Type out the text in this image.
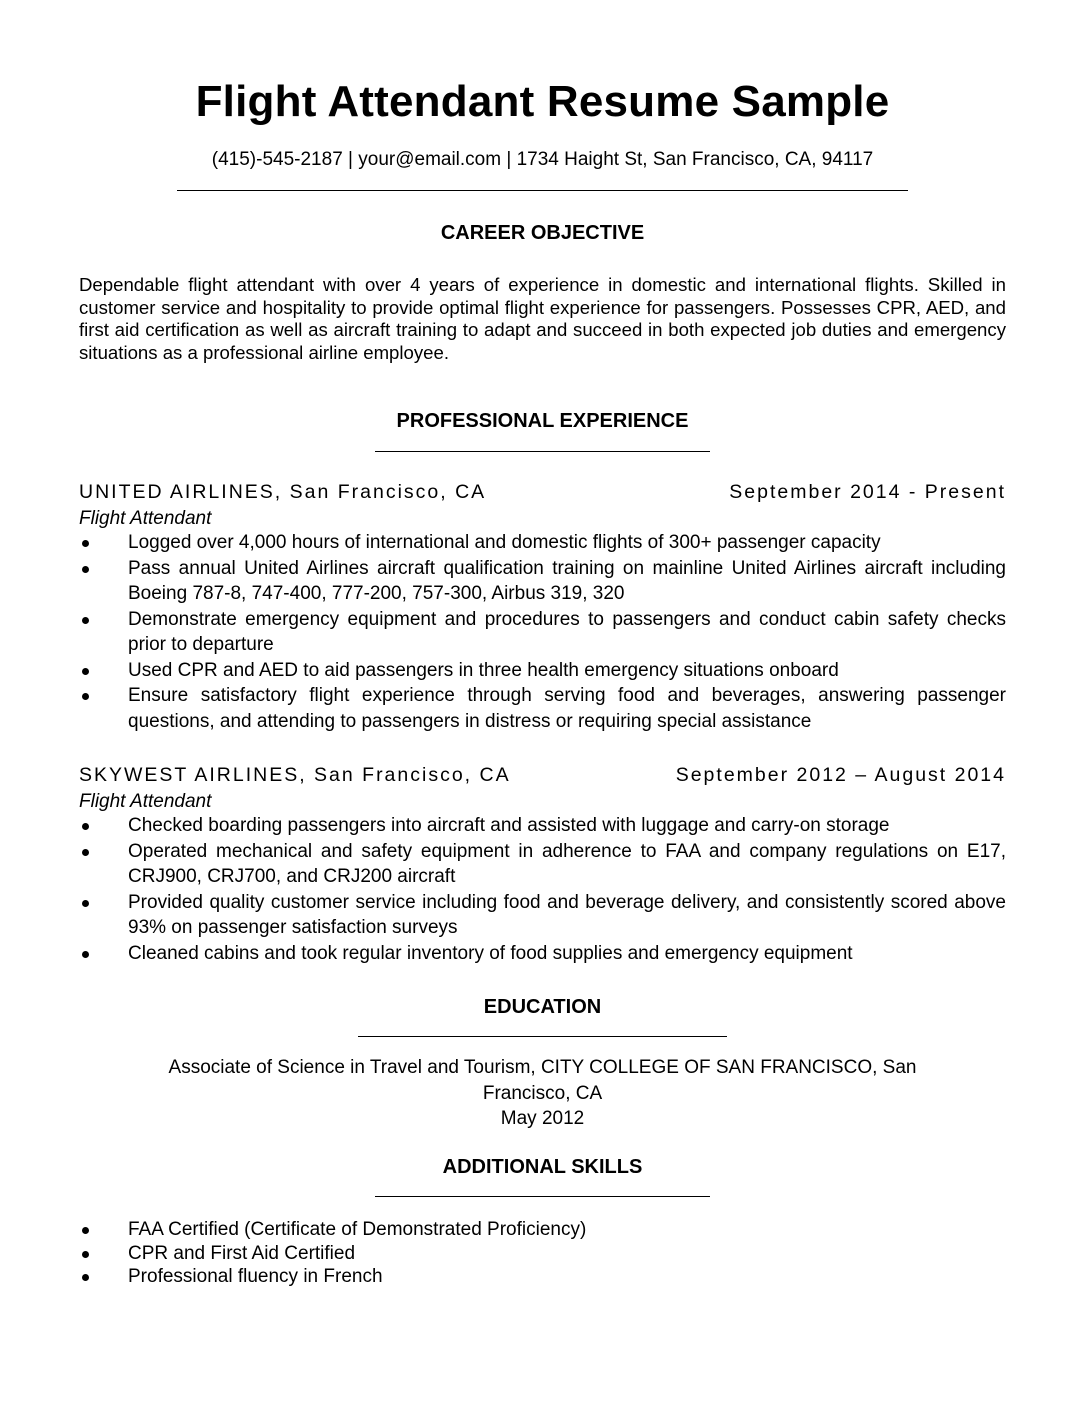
Flight Attendant Resume Sample
(415)-545-2187 | your@email.com | 1734 Haight St, San Francisco, CA, 94117
CAREER OBJECTIVE
Dependable flight attendant with over 4 years of experience in domestic and international flights. Skilled in customer service and hospitality to provide optimal flight experience for passengers. Possesses CPR, AED, and first aid certification as well as aircraft training to adapt and succeed in both expected job duties and emergency situations as a professional airline employee.
PROFESSIONAL EXPERIENCE
UNITED AIRLINES, San Francisco, CA	September 2014 - Present
Flight Attendant
Logged over 4,000 hours of international and domestic flights of 300+ passenger capacity
Pass annual United Airlines aircraft qualification training on mainline United Airlines aircraft including Boeing 787-8, 747-400, 777-200, 757-300, Airbus 319, 320
Demonstrate emergency equipment and procedures to passengers and conduct cabin safety checks prior to departure
Used CPR and AED to aid passengers in three health emergency situations onboard
Ensure satisfactory flight experience through serving food and beverages, answering passenger questions, and attending to passengers in distress or requiring special assistance
SKYWEST AIRLINES, San Francisco, CA	September 2012 – August 2014
Flight Attendant
Checked boarding passengers into aircraft and assisted with luggage and carry-on storage
Operated mechanical and safety equipment in adherence to FAA and company regulations on E17, CRJ900, CRJ700, and CRJ200 aircraft
Provided quality customer service including food and beverage delivery, and consistently scored above 93% on passenger satisfaction surveys
Cleaned cabins and took regular inventory of food supplies and emergency equipment
EDUCATION
Associate of Science in Travel and Tourism, CITY COLLEGE OF SAN FRANCISCO, San
Francisco, CA
May 2012
ADDITIONAL SKILLS
FAA Certified (Certificate of Demonstrated Proficiency)
CPR and First Aid Certified
Professional fluency in French
